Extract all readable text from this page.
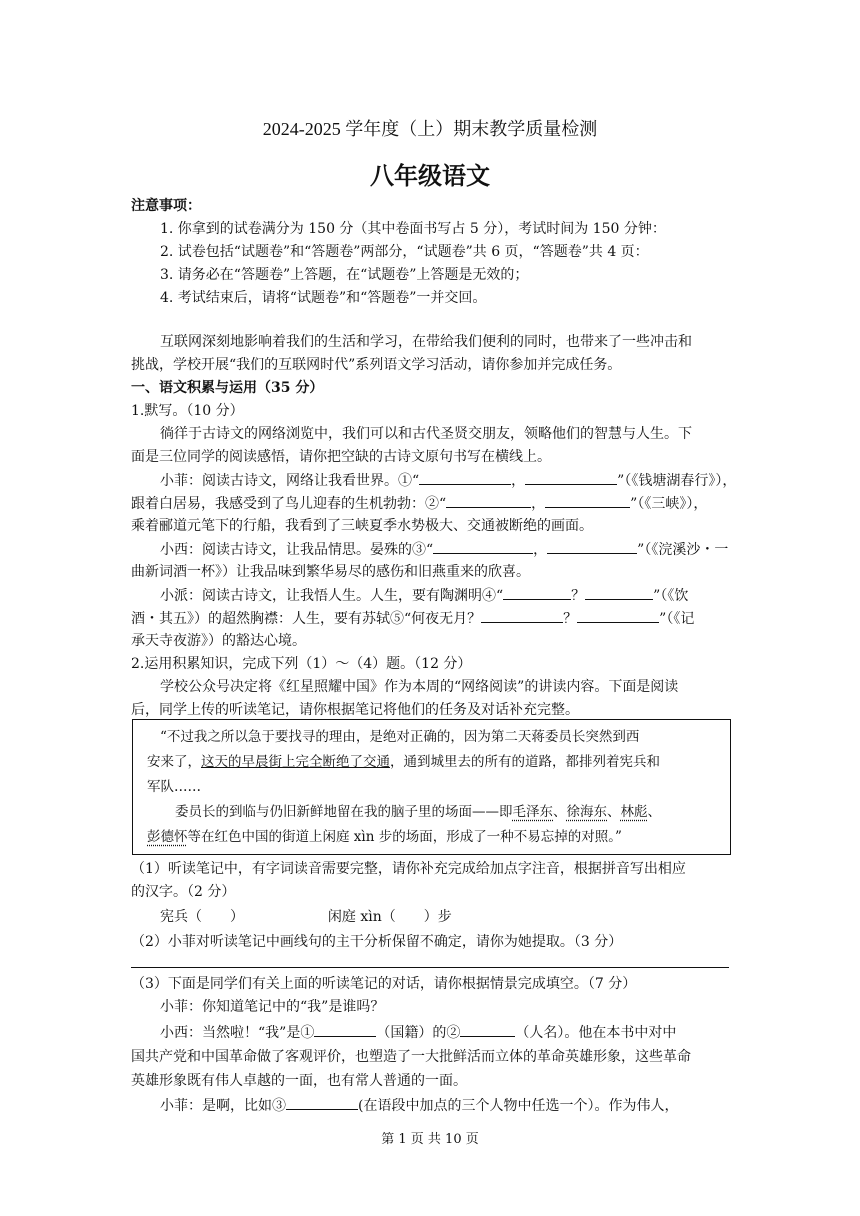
2024-2025 学年度（上）期末教学质量检测
八年级语文
注意事项：
1. 你拿到的试卷满分为 150 分（其中卷面书写占 5 分），考试时间为 150 分钟：
2. 试卷包括“试题卷”和“答题卷”两部分，“试题卷”共 6 页，“答题卷”共 4 页：
3. 请务必在“答题卷”上答题，在“试题卷”上答题是无效的；
4. 考试结束后，请将“试题卷”和“答题卷”一并交回。
互联网深刻地影响着我们的生活和学习，在带给我们便利的同时，也带来了一些冲击和
挑战，学校开展“我们的互联网时代”系列语文学习活动，请你参加并完成任务。
一、语文积累与运用（35 分）
1.默写。（10 分）
徜徉于古诗文的网络浏览中，我们可以和古代圣贤交朋友，领略他们的智慧与人生。下
面是三位同学的阅读感悟，请你把空缺的古诗文原句书写在横线上。
小菲：阅读古诗文，网络让我看世界。①“	，	”（《钱塘湖春行》），
跟着白居易，我感受到了鸟儿迎春的生机勃勃：②“	，	”（《三峡》），
乘着郦道元笔下的行船，我看到了三峡夏季水势极大、交通被断绝的画面。
小西：阅读古诗文，让我品情思。晏殊的③“	，	”（《浣溪沙・一
曲新词酒一杯》）让我品味到繁华易尽的感伤和旧燕重来的欣喜。
小派：阅读古诗文，让我悟人生。人生，要有陶渊明④“	？	”（《饮
酒・其五》）的超然胸襟：人生，要有苏轼⑤“何夜无月？	？	”（《记
承天寺夜游》）的豁达心境。
2.运用积累知识，完成下列（1）～（4）题。（12 分）
学校公众号决定将《红星照耀中国》作为本周的“网络阅读”的讲读内容。下面是阅读
后，同学上传的听读笔记，请你根据笔记将他们的任务及对话补充完整。
“不过我之所以急于要找寻的理由，是绝对正确的，因为第二天蒋委员长突然到西
安来了，这天的早晨街上完全断绝了交通，通到城里去的所有的道路，都排列着宪兵和
军队……
委员长的到临与仍旧新鲜地留在我的脑子里的场面——即毛泽东、徐海东、林彪、
彭德怀等在红色中国的街道上闲庭 xìn 步的场面，形成了一种不易忘掉的对照。”
（1）听读笔记中，有字词读音需要完整，请你补充完成给加点字注音，根据拼音写出相应
的汉字。（2 分）
宪兵（　　）	闲庭 xìn（　　）步
（2）小菲对听读笔记中画线句的主干分析保留不确定，请你为她提取。（3 分）
（3）下面是同学们有关上面的听读笔记的对话，请你根据情景完成填空。（7 分）
小菲：你知道笔记中的“我”是谁吗？
小西：当然啦！“我”是①	（国籍）的②	（人名）。他在本书中对中
国共产党和中国革命做了客观评价，也塑造了一大批鲜活而立体的革命英雄形象，这些革命
英雄形象既有伟人卓越的一面，也有常人普通的一面。
小菲：是啊，比如③	(在语段中加点的三个人物中任选一个）。作为伟人，
第 1 页 共 10 页
